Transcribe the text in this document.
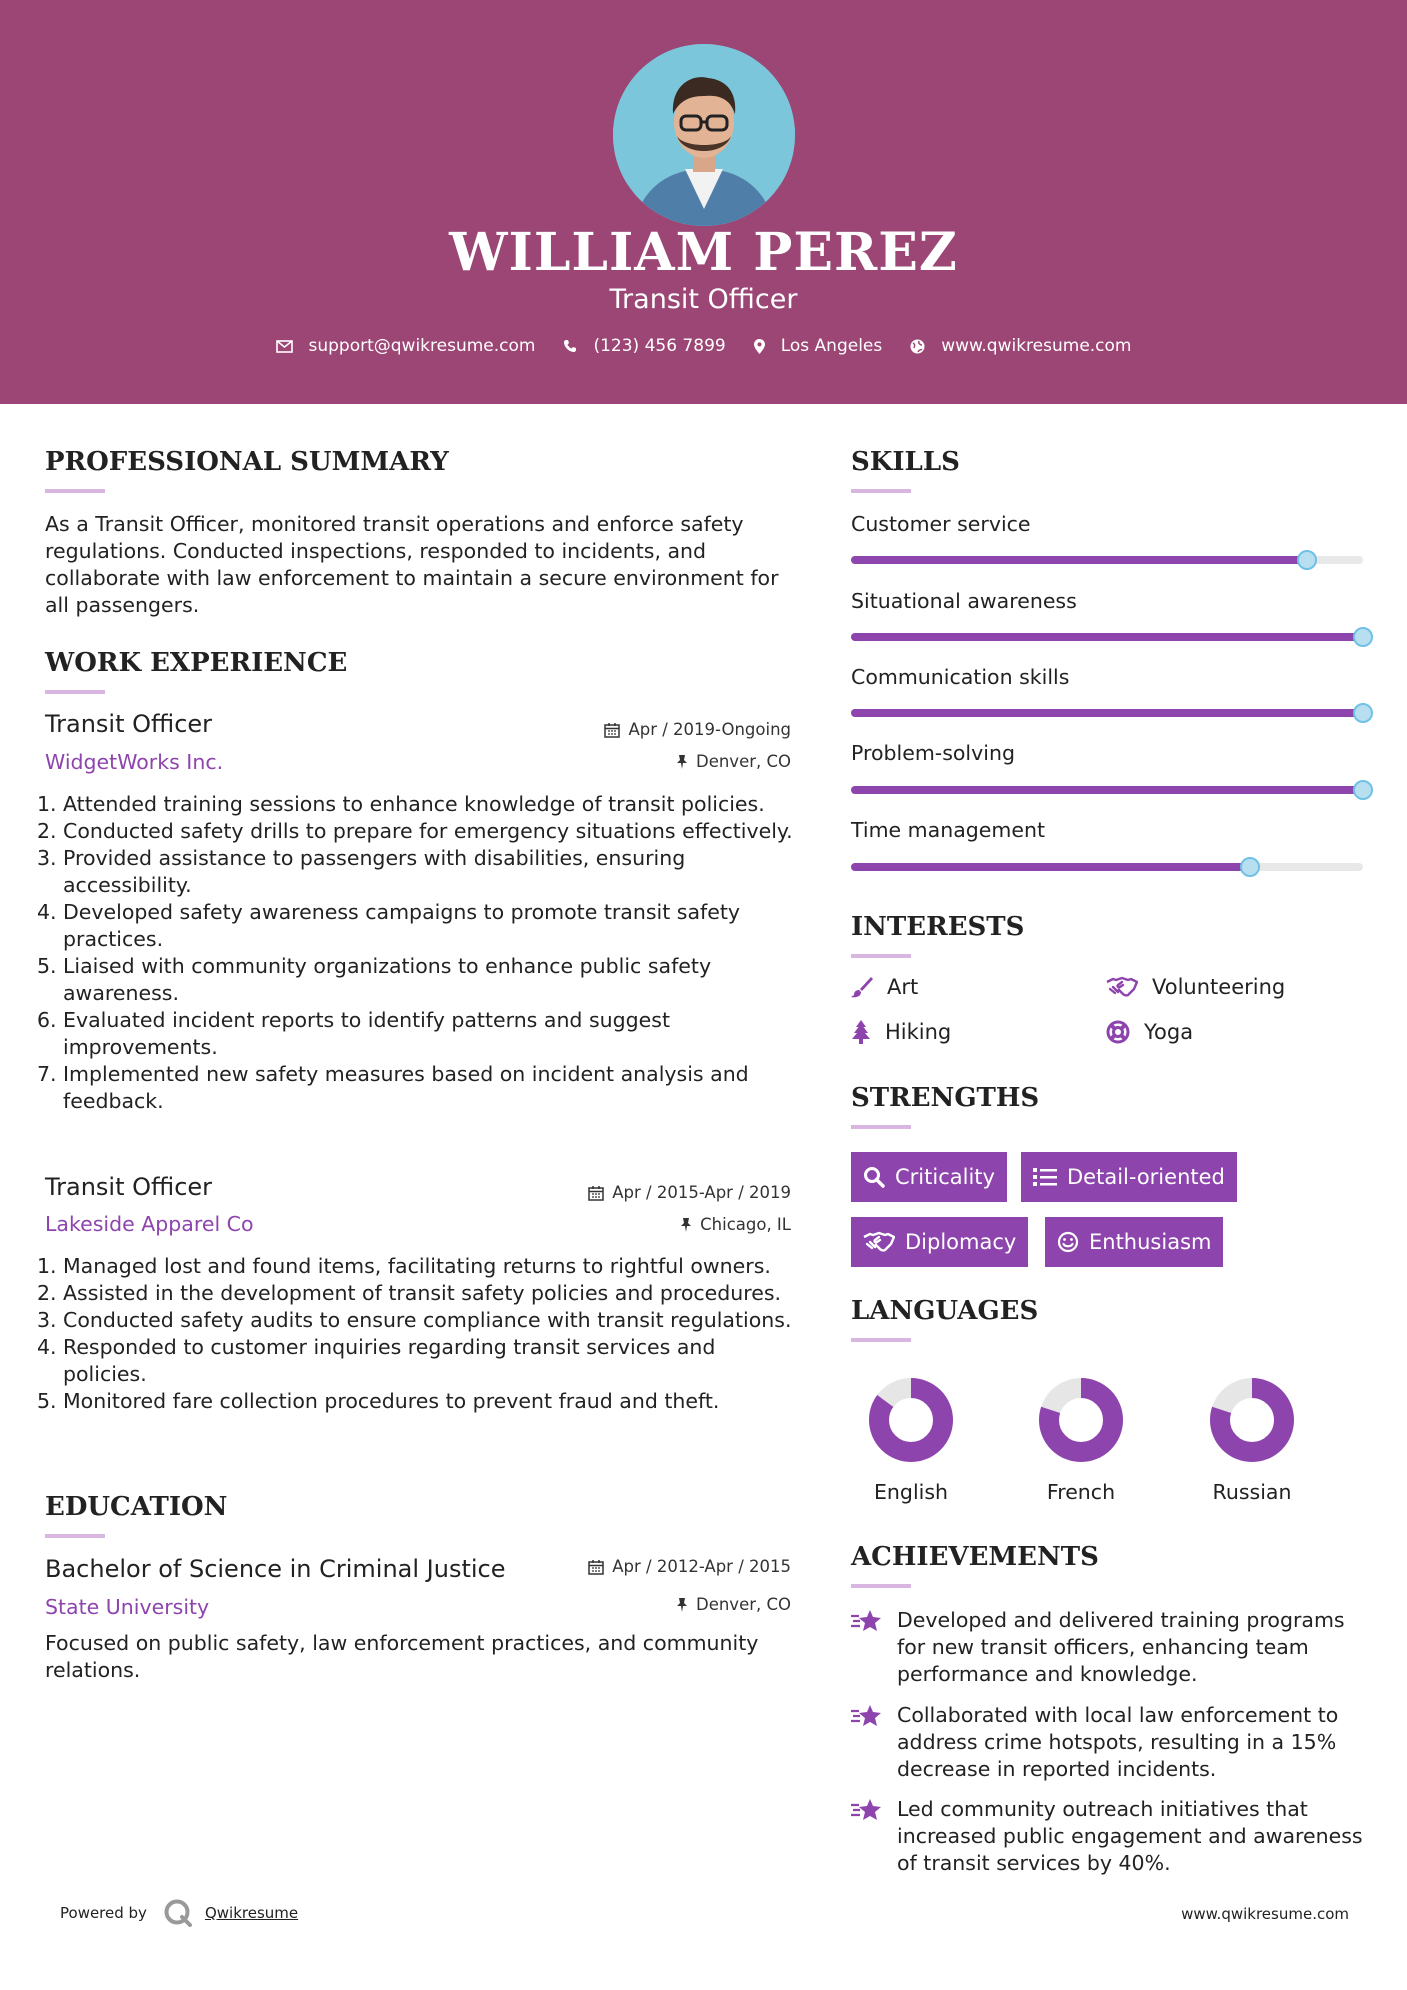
WILLIAM PEREZ
Transit Officer
support@qwikresume.com	(123) 456 7899	Los Angeles	www.qwikresume.com
PROFESSIONAL SUMMARY
As a Transit Officer, monitored transit operations and enforce safety regulations. Conducted inspections, responded to incidents, and collaborate with law enforcement to maintain a secure environment for all passengers.
WORK EXPERIENCE
Transit Officer	Apr / 2019-Ongoing
WidgetWorks Inc.	Denver, CO
1. Attended training sessions to enhance knowledge of transit policies.
2. Conducted safety drills to prepare for emergency situations effectively.
3. Provided assistance to passengers with disabilities, ensuring accessibility.
4. Developed safety awareness campaigns to promote transit safety practices.
5. Liaised with community organizations to enhance public safety awareness.
6. Evaluated incident reports to identify patterns and suggest improvements.
7. Implemented new safety measures based on incident analysis and feedback.
Transit Officer	Apr / 2015-Apr / 2019
Lakeside Apparel Co	Chicago, IL
1. Managed lost and found items, facilitating returns to rightful owners.
2. Assisted in the development of transit safety policies and procedures.
3. Conducted safety audits to ensure compliance with transit regulations.
4. Responded to customer inquiries regarding transit services and policies.
5. Monitored fare collection procedures to prevent fraud and theft.
EDUCATION
Bachelor of Science in Criminal Justice	Apr / 2012-Apr / 2015
State University	Denver, CO
Focused on public safety, law enforcement practices, and community relations.
SKILLS
Customer service
Situational awareness
Communication skills
Problem-solving
Time management
INTERESTS
Art	Volunteering
Hiking	Yoga
STRENGTHS
Criticality	Detail-oriented
Diplomacy	Enthusiasm
LANGUAGES
English	French	Russian
ACHIEVEMENTS
Developed and delivered training programs for new transit officers, enhancing team performance and knowledge.
Collaborated with local law enforcement to address crime hotspots, resulting in a 15% decrease in reported incidents.
Led community outreach initiatives that increased public engagement and awareness of transit services by 40%.
Powered by	Qwikresume	www.qwikresume.com
